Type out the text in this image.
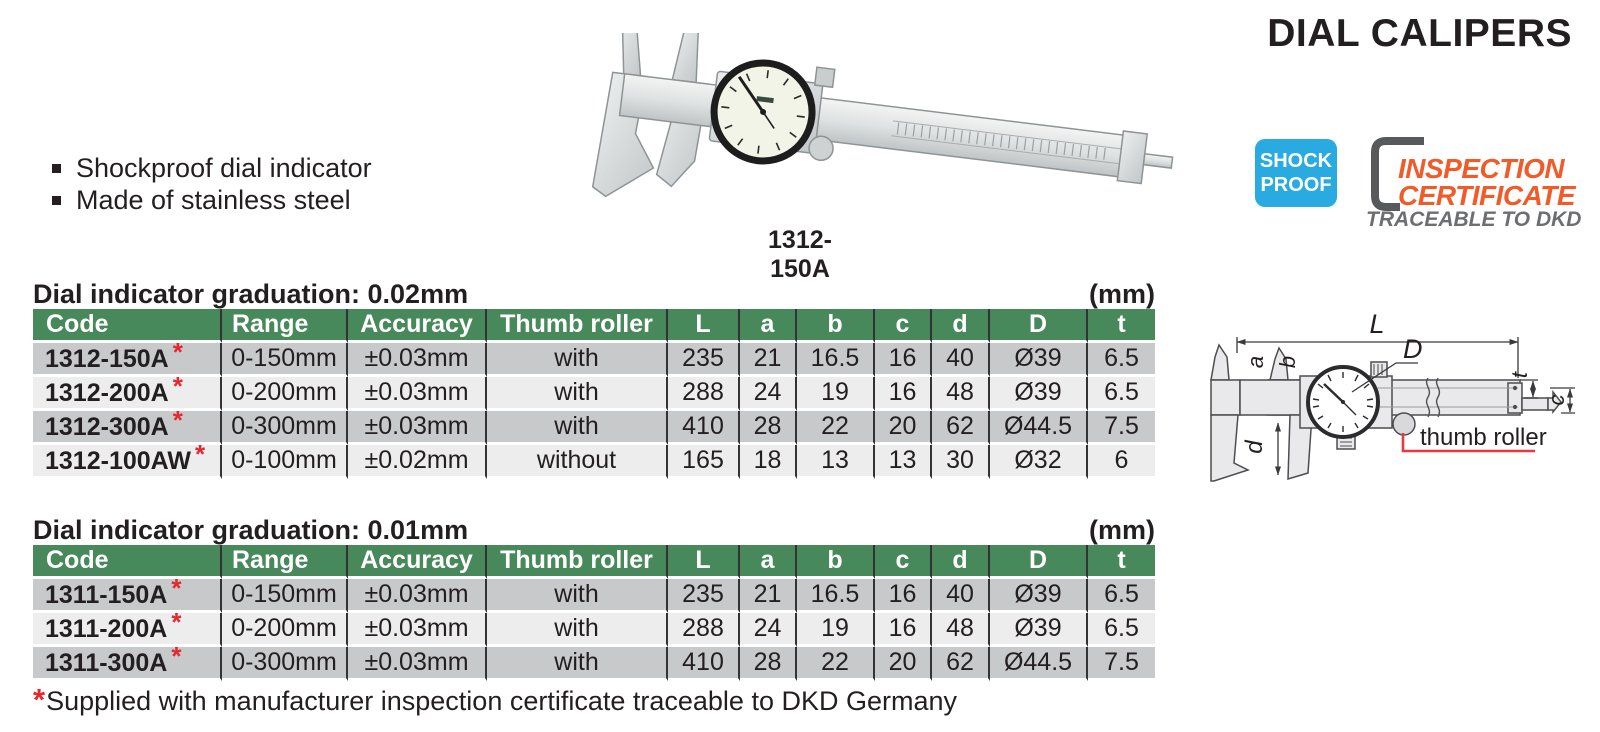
DIAL CALIPERS
Shockproof dial indicator
Made of stainless steel
1312-150A
SHOCK
PROOF
INSPECTION
CERTIFICATE
TRACEABLE TO DKD
Dial indicator graduation: 0.02mm	(mm)
Code	Range	Accuracy	Thumb roller	L	a	b	c	d	D	t
1312-150A *	0-150mm	±0.03mm	with	235	21	16.5	16	40	Ø39	6.5
1312-200A *	0-200mm	±0.03mm	with	288	24	19	16	48	Ø39	6.5
1312-300A *	0-300mm	±0.03mm	with	410	28	22	20	62	Ø44.5	7.5
1312-100AW *	0-100mm	±0.02mm	without	165	18	13	13	30	Ø32	6
Dial indicator graduation: 0.01mm	(mm)
Code	Range	Accuracy	Thumb roller	L	a	b	c	d	D	t
1311-150A *	0-150mm	±0.03mm	with	235	21	16.5	16	40	Ø39	6.5
1311-200A *	0-200mm	±0.03mm	with	288	24	19	16	48	Ø39	6.5
1311-300A *	0-300mm	±0.03mm	with	410	28	22	20	62	Ø44.5	7.5
*Supplied with manufacturer inspection certificate traceable to DKD Germany
L
D
a b
d
t
c
thumb roller
